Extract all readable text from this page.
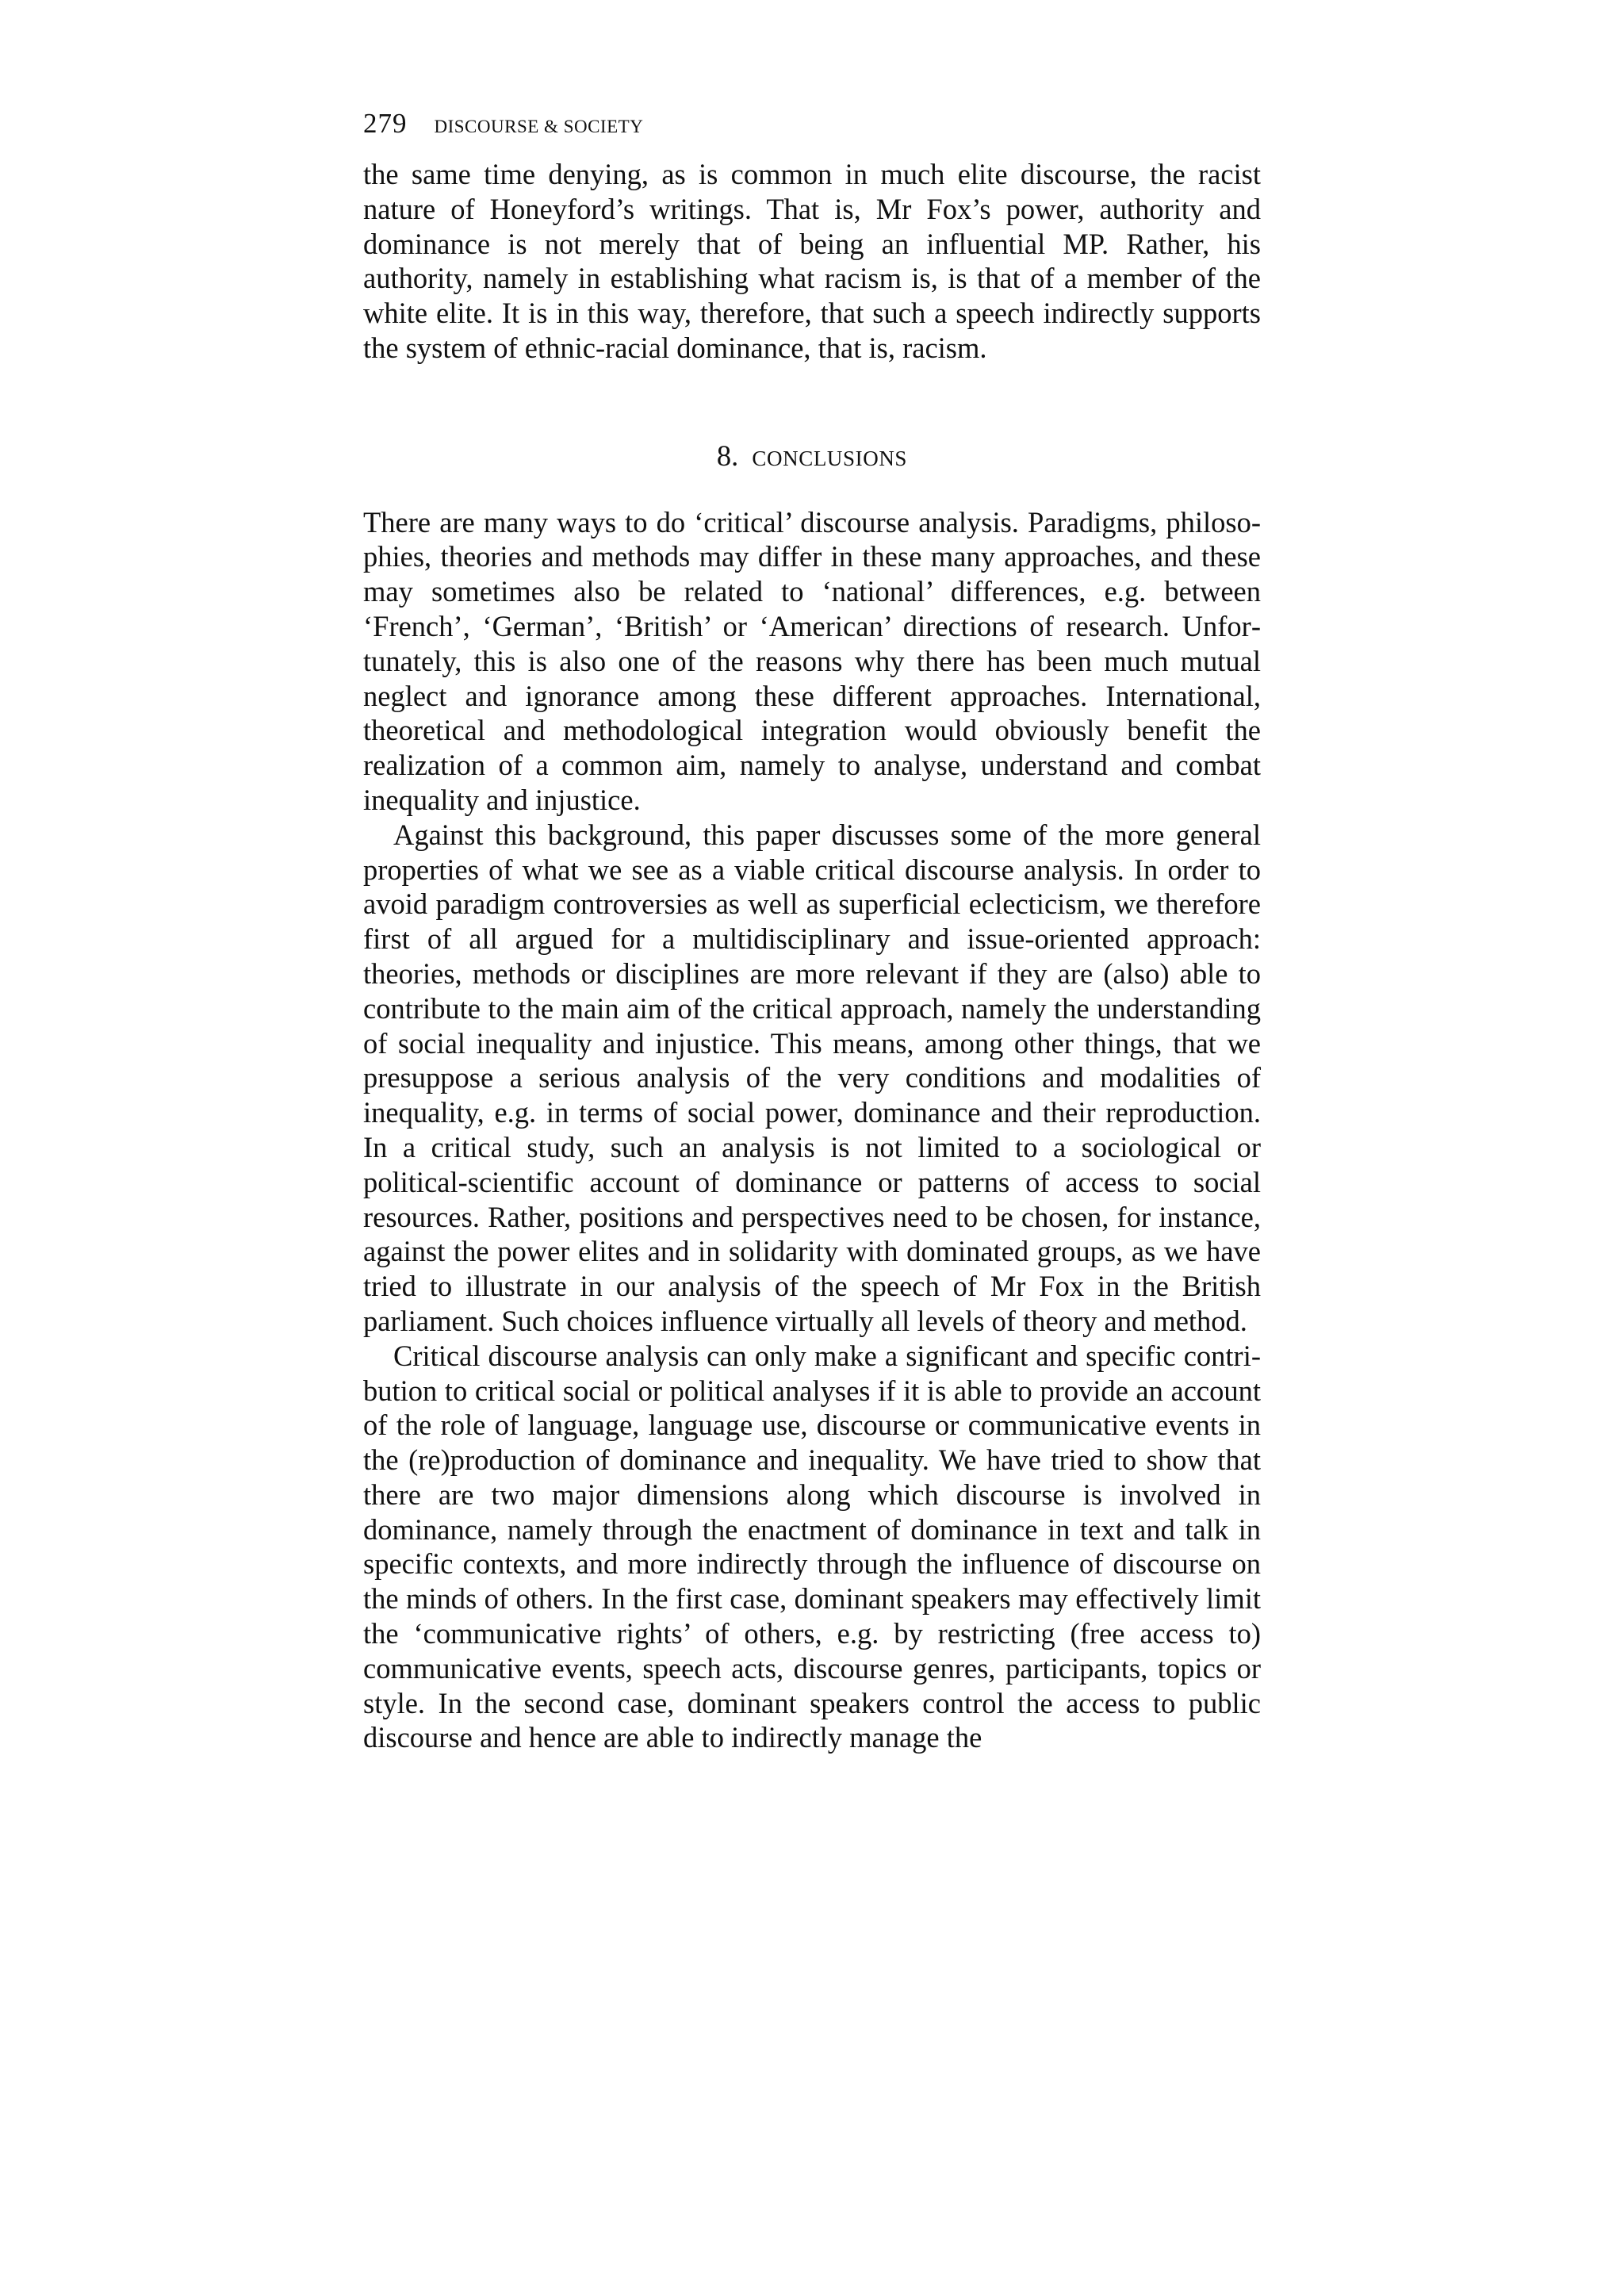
279 DISCOURSE & SOCIETY

the same time denying, as is common in much elite discourse, the racist nature of Honeyford’s writings. That is, Mr Fox’s power, authority and dominance is not merely that of being an influential MP. Rather, his authority, namely in establishing what racism is, is that of a member of the white elite. It is in this way, therefore, that such a speech indirectly supports the system of ethnic-racial dominance, that is, racism.

8. CONCLUSIONS

There are many ways to do ‘critical’ discourse analysis. Paradigms, philosophies, theories and methods may differ in these many approaches, and these may sometimes also be related to ‘national’ differences, e.g. between ‘French’, ‘German’, ‘British’ or ‘American’ directions of research. Unfortunately, this is also one of the reasons why there has been much mutual neglect and ignorance among these different approaches. International, theoretical and methodological integration would obviously benefit the realization of a common aim, namely to analyse, understand and combat inequality and injustice.

Against this background, this paper discusses some of the more general properties of what we see as a viable critical discourse analysis. In order to avoid paradigm controversies as well as superficial eclecticism, we therefore first of all argued for a multidisciplinary and issue-oriented approach: theories, methods or disciplines are more relevant if they are (also) able to contribute to the main aim of the critical approach, namely the understanding of social inequality and injustice. This means, among other things, that we presuppose a serious analysis of the very conditions and modalities of inequality, e.g. in terms of social power, dominance and their reproduction. In a critical study, such an analysis is not limited to a sociological or political-scientific account of dominance or patterns of access to social resources. Rather, positions and perspectives need to be chosen, for instance, against the power elites and in solidarity with dominated groups, as we have tried to illustrate in our analysis of the speech of Mr Fox in the British parliament. Such choices influence virtually all levels of theory and method.

Critical discourse analysis can only make a significant and specific contribution to critical social or political analyses if it is able to provide an account of the role of language, language use, discourse or communicative events in the (re)production of dominance and inequality. We have tried to show that there are two major dimensions along which discourse is involved in dominance, namely through the enactment of dominance in text and talk in specific contexts, and more indirectly through the influence of discourse on the minds of others. In the first case, dominant speakers may effectively limit the ‘communicative rights’ of others, e.g. by restricting (free access to) communicative events, speech acts, discourse genres, participants, topics or style. In the second case, dominant speakers control the access to public discourse and hence are able to indirectly manage the
